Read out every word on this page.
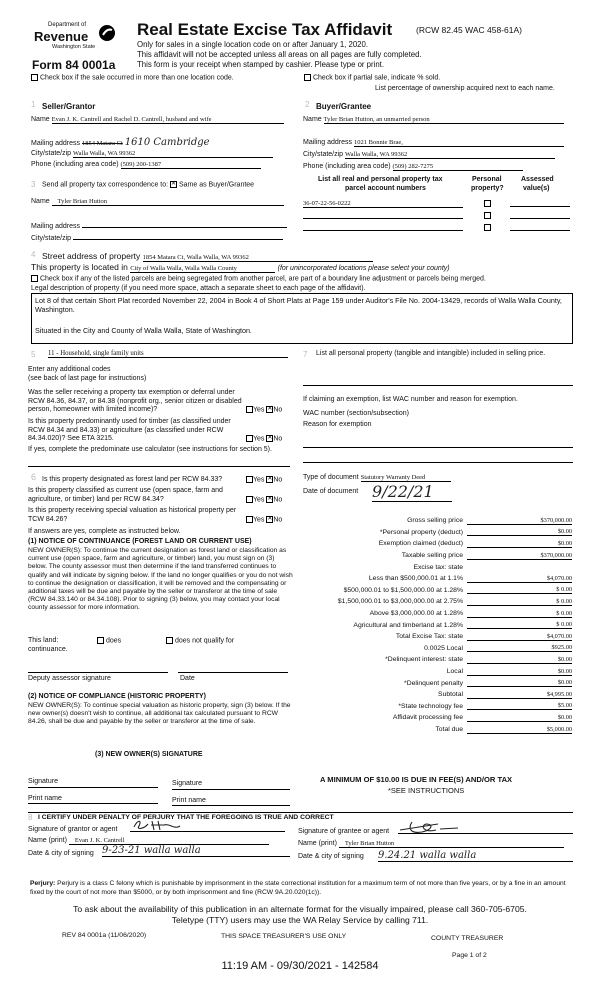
Department of
Revenue
Washington State
Form 84 0001a
Real Estate Excise Tax Affidavit	(RCW 82.45 WAC 458-61A)
Only for sales in a single location code on or after January 1, 2020.
This affidavit will not be accepted unless all areas on all pages are fully completed.
This form is your receipt when stamped by cashier. Please type or print.
Check box if the sale occurred in more than one location code.	Check box if partial sale, indicate % sold.
List percentage of ownership acquired next to each name.
1 Seller/Grantor
Name Evan J. K. Cantrell and Rachel D. Cantrell, husband and wife
Mailing address 1854 Matara Ct 1610 Cambridge
City/state/zip Walla Walla, WA 99362
Phone (including area code) (509) 200-1387
2 Buyer/Grantee
Name Tyler Brian Hutton, an unmarried person
Mailing address 1021 Bonnie Brae,
City/state/zip Walla Walla, WA 99362
Phone (including area code) (509) 282-7275
3 Send all property tax correspondence to: ✕ Same as Buyer/Grantee
Name Tyler Brian Hutton
Mailing address
City/state/zip
List all real and personal property tax
parcel account numbers
Personal
property?
Assessed
value(s)
36-07-22-56-0222
4 Street address of property 1854 Matara Ct, Walla Walla, WA 99362
This property is located in City of Walla Walla, Walla Walla County	(for unincorporated locations please select your county)
Check box if any of the listed parcels are being segregated from another parcel, are part of a boundary line adjustment or parcels being merged.
Legal description of property (if you need more space, attach a separate sheet to each page of the affidavit).
Lot 8 of that certain Short Plat recorded November 22, 2004 in Book 4 of Short Plats at Page 159 under Auditor's File No. 2004-13429, records of Walla Walla County, Washington.
Situated in the City and County of Walla Walla, State of Washington.
5 11 - Household, single family units
Enter any additional codes
(see back of last page for instructions)
Was the seller receiving a property tax exemption or deferral under RCW 84.36, 84.37, or 84.38 (nonprofit org., senior citizen or disabled person, homeowner with limited income)?	Yes ✕No
Is this property predominantly used for timber (as classified under RCW 84.34 and 84.33) or agriculture (as classified under RCW 84.34.020)? See ETA 3215.	Yes ✕No
If yes, complete the predominate use calculator (see instructions for section 5).
7 List all personal property (tangible and intangible) included in selling price.
If claiming an exemption, list WAC number and reason for exemption.
WAC number (section/subsection)
Reason for exemption
6 Is this property designated as forest land per RCW 84.33?	Yes ✕No
Is this property classified as current use (open space, farm and agriculture, or timber) land per RCW 84.34?	Yes ✕No
Is this property receiving special valuation as historical property per TCW 84.26?	Yes ✕No
If answers are yes, complete as instructed below.
(1) NOTICE OF CONTINUANCE (FOREST LAND OR CURRENT USE)
NEW OWNER(S): To continue the current designation as forest land or classification as current use (open space, farm and agriculture, or timber) land, you must sign on (3) below. The county assessor must then determine if the land transferred continues to qualify and will indicate by signing below. If the land no longer qualifies or you do not wish to continue the designation or classification, it will be removed and the compensating or additional taxes will be due and payable by the seller or transferor at the time of sale (RCW 84.33.140 or 84.34.108). Prior to signing (3) below, you may contact your local county assessor for more information.
This land:	does	does not qualify for
continuance.
Deputy assessor signature	Date
(2) NOTICE OF COMPLIANCE (HISTORIC PROPERTY)
NEW OWNER(S): To continue special valuation as historic property, sign (3) below. If the new owner(s) doesn't wish to continue, all additional tax calculated pursuant to RCW 84.26, shall be due and payable by the seller or transferor at the time of sale.
(3) NEW OWNER(S) SIGNATURE
Signature	Signature
Print name	Print name
Type of document Statutory Warranty Deed
Date of document 9/22/21
Gross selling price	$370,000.00
*Personal property (deduct)	$0.00
Exemption claimed (deduct)	$0.00
Taxable selling price	$370,000.00
Excise tax: state
Less than $500,000.01 at 1.1%	$4,070.00
$500,000.01 to $1,500,000.00 at 1.28%	$ 0.00
$1,500,000.01 to $3,000,000.00 at 2.75%	$ 0.00
Above $3,000,000.00 at 1.28%	$ 0.00
Agricultural and timberland at 1.28%	$ 0.00
Total Excise Tax: state	$4,070.00
0.0025 Local	$925.00
*Delinquent interest: state	$0.00
Local	$0.00
*Delinquent penalty	$0.00
Subtotal	$4,995.00
*State technology fee	$5.00
Affidavit processing fee	$0.00
Total due	$5,000.00
A MINIMUM OF $10.00 IS DUE IN FEE(S) AND/OR TAX
*SEE INSTRUCTIONS
8 I CERTIFY UNDER PENALTY OF PERJURY THAT THE FOREGOING IS TRUE AND CORRECT
Signature of grantor or agent
Name (print) Evan J. K. Cantrell
Date & city of signing 9-23-21 walla walla
Signature of grantee or agent
Name (print) Tyler Brian Hutton
Date & city of signing 9.24.21 walla walla
Perjury: Perjury is a class C felony which is punishable by imprisonment in the state correctional institution for a maximum term of not more than five years, or by a fine in an amount fixed by the court of not more than $5000, or by both imprisonment and fine (RCW 9A.20.020(1c)).
To ask about the availability of this publication in an alternate format for the visually impaired, please call 360-705-6705.
Teletype (TTY) users may use the WA Relay Service by calling 711.
REV 84 0001a (11/06/2020)	THIS SPACE TREASURER'S USE ONLY	COUNTY TREASURER
Page 1 of 2
11:19 AM - 09/30/2021 - 142584
